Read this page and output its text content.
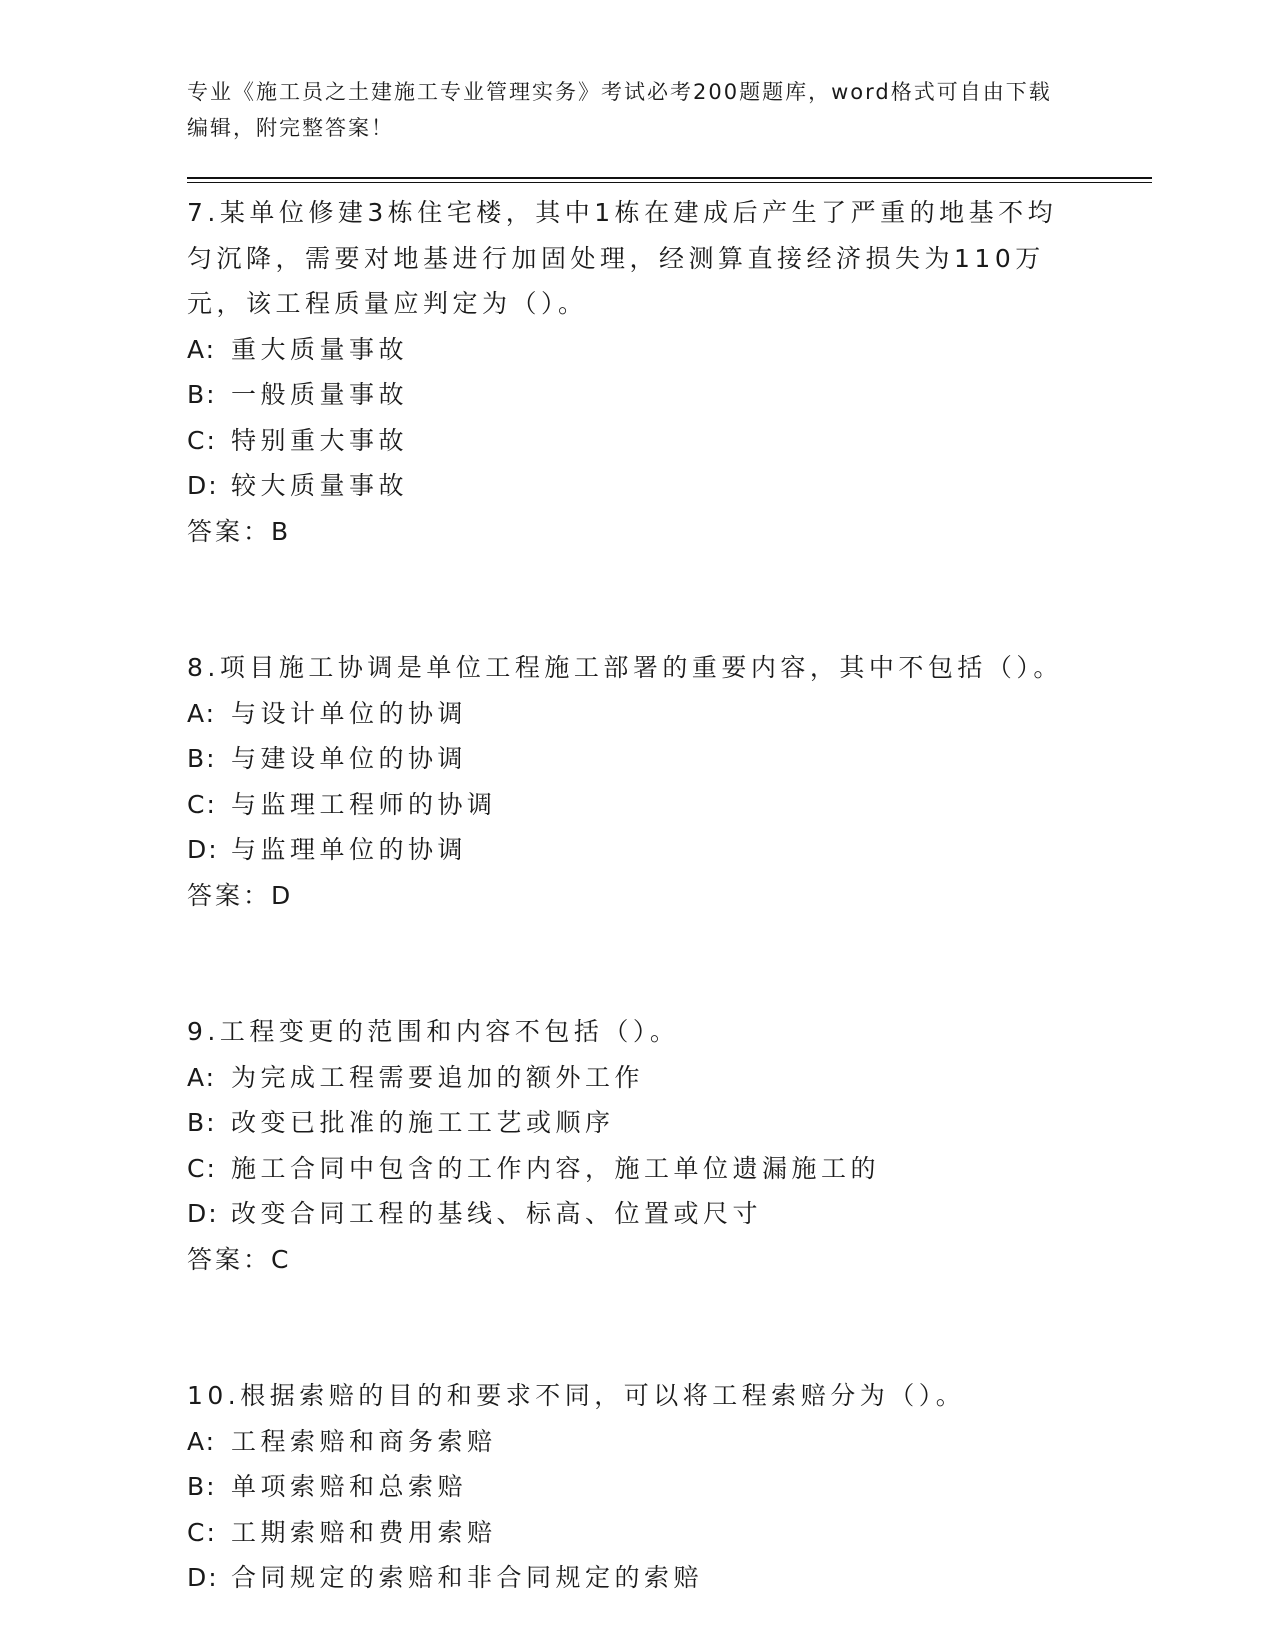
专业《施工员之土建施工专业管理实务》考试必考200题题库，word格式可自由下载编辑，附完整答案！
7.某单位修建3栋住宅楼，其中1栋在建成后产生了严重的地基不均匀沉降，需要对地基进行加固处理，经测算直接经济损失为110万元，该工程质量应判定为（）。
A: 重大质量事故
B: 一般质量事故
C: 特别重大事故
D: 较大质量事故
答案：B
8.项目施工协调是单位工程施工部署的重要内容，其中不包括（）。
A: 与设计单位的协调
B: 与建设单位的协调
C: 与监理工程师的协调
D: 与监理单位的协调
答案：D
9.工程变更的范围和内容不包括（）。
A: 为完成工程需要追加的额外工作
B: 改变已批准的施工工艺或顺序
C: 施工合同中包含的工作内容，施工单位遗漏施工的
D: 改变合同工程的基线、标高、位置或尺寸
答案：C
10.根据索赔的目的和要求不同，可以将工程索赔分为（）。
A: 工程索赔和商务索赔
B: 单项索赔和总索赔
C: 工期索赔和费用索赔
D: 合同规定的索赔和非合同规定的索赔
